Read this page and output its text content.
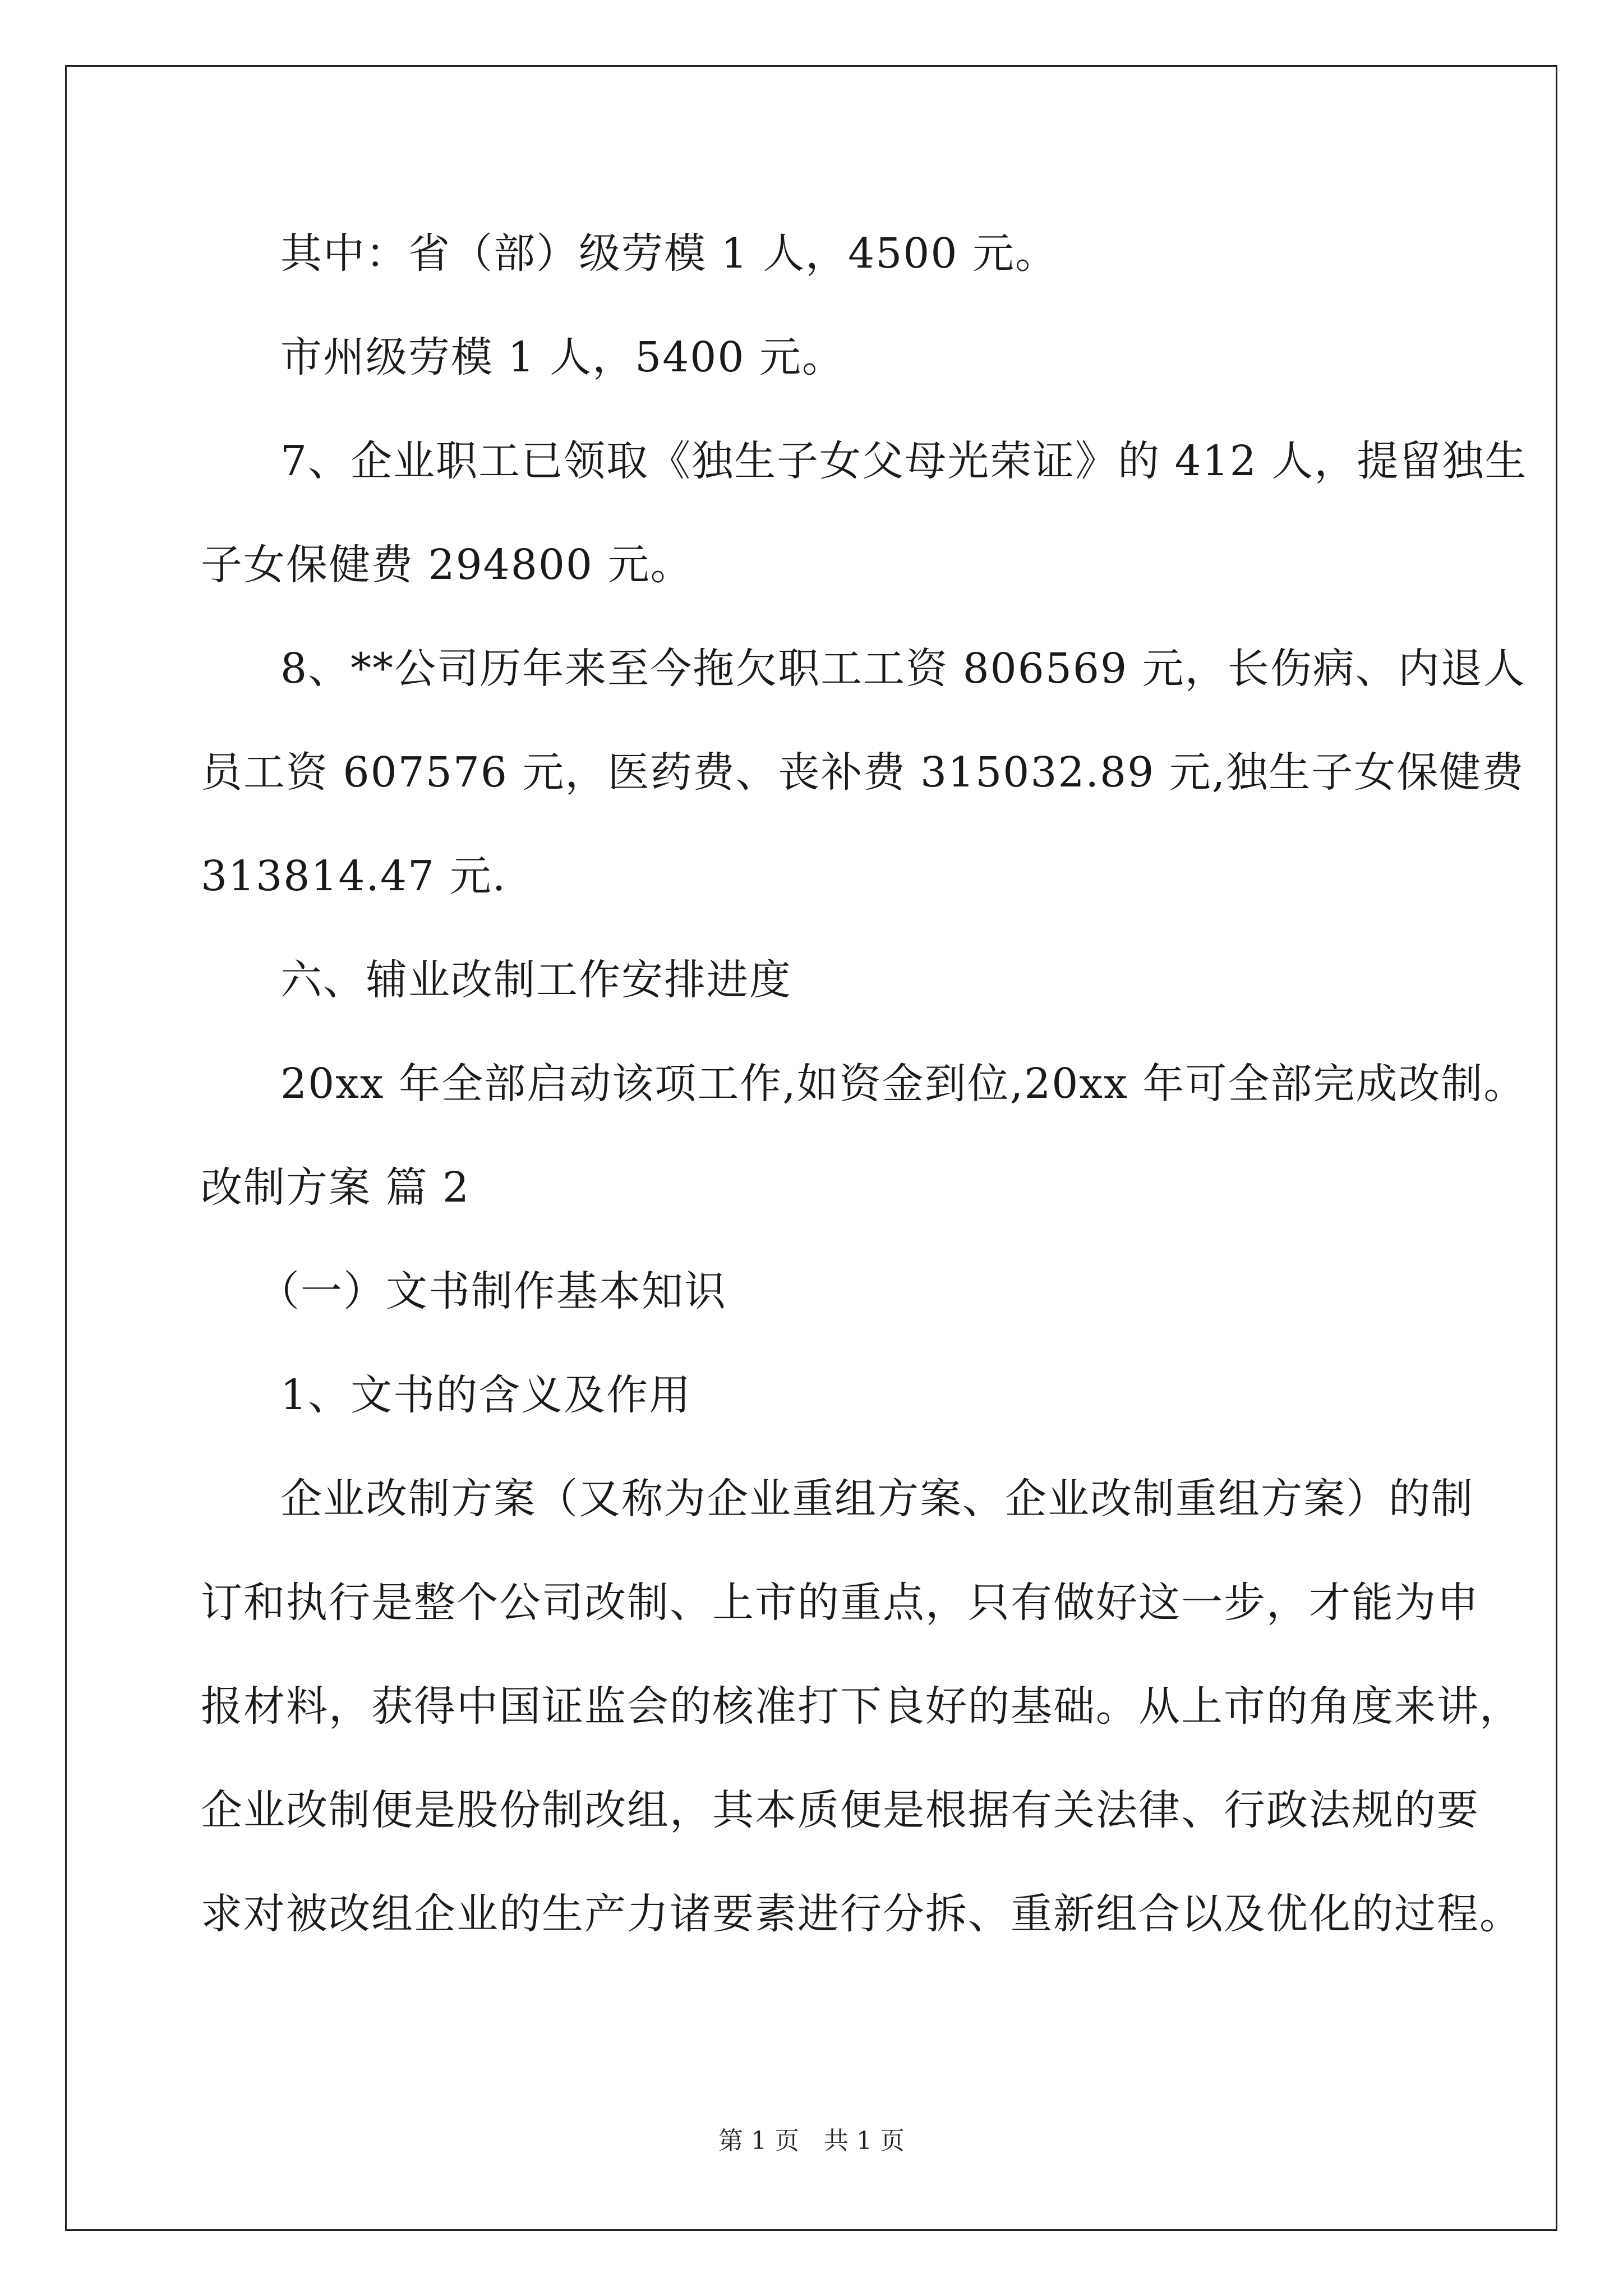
其中：省（部）级劳模 1 人，4500 元。
市州级劳模 1 人，5400 元。
7、企业职工已领取《独生子女父母光荣证》的 412 人，提留独生
子女保健费 294800 元。
8、**公司历年来至今拖欠职工工资 806569 元，长伤病、内退人
员工资 607576 元，医药费、丧补费 315032.89 元,独生子女保健费
313814.47 元.
六、辅业改制工作安排进度
20xx 年全部启动该项工作,如资金到位,20xx 年可全部完成改制。
改制方案 篇 2
（一）文书制作基本知识
1、文书的含义及作用
企业改制方案（又称为企业重组方案、企业改制重组方案）的制
订和执行是整个公司改制、上市的重点，只有做好这一步，才能为申
报材料，获得中国证监会的核准打下良好的基础。从上市的角度来讲，
企业改制便是股份制改组，其本质便是根据有关法律、行政法规的要
求对被改组企业的生产力诸要素进行分拆、重新组合以及优化的过程。
第 1 页　共 1 页
